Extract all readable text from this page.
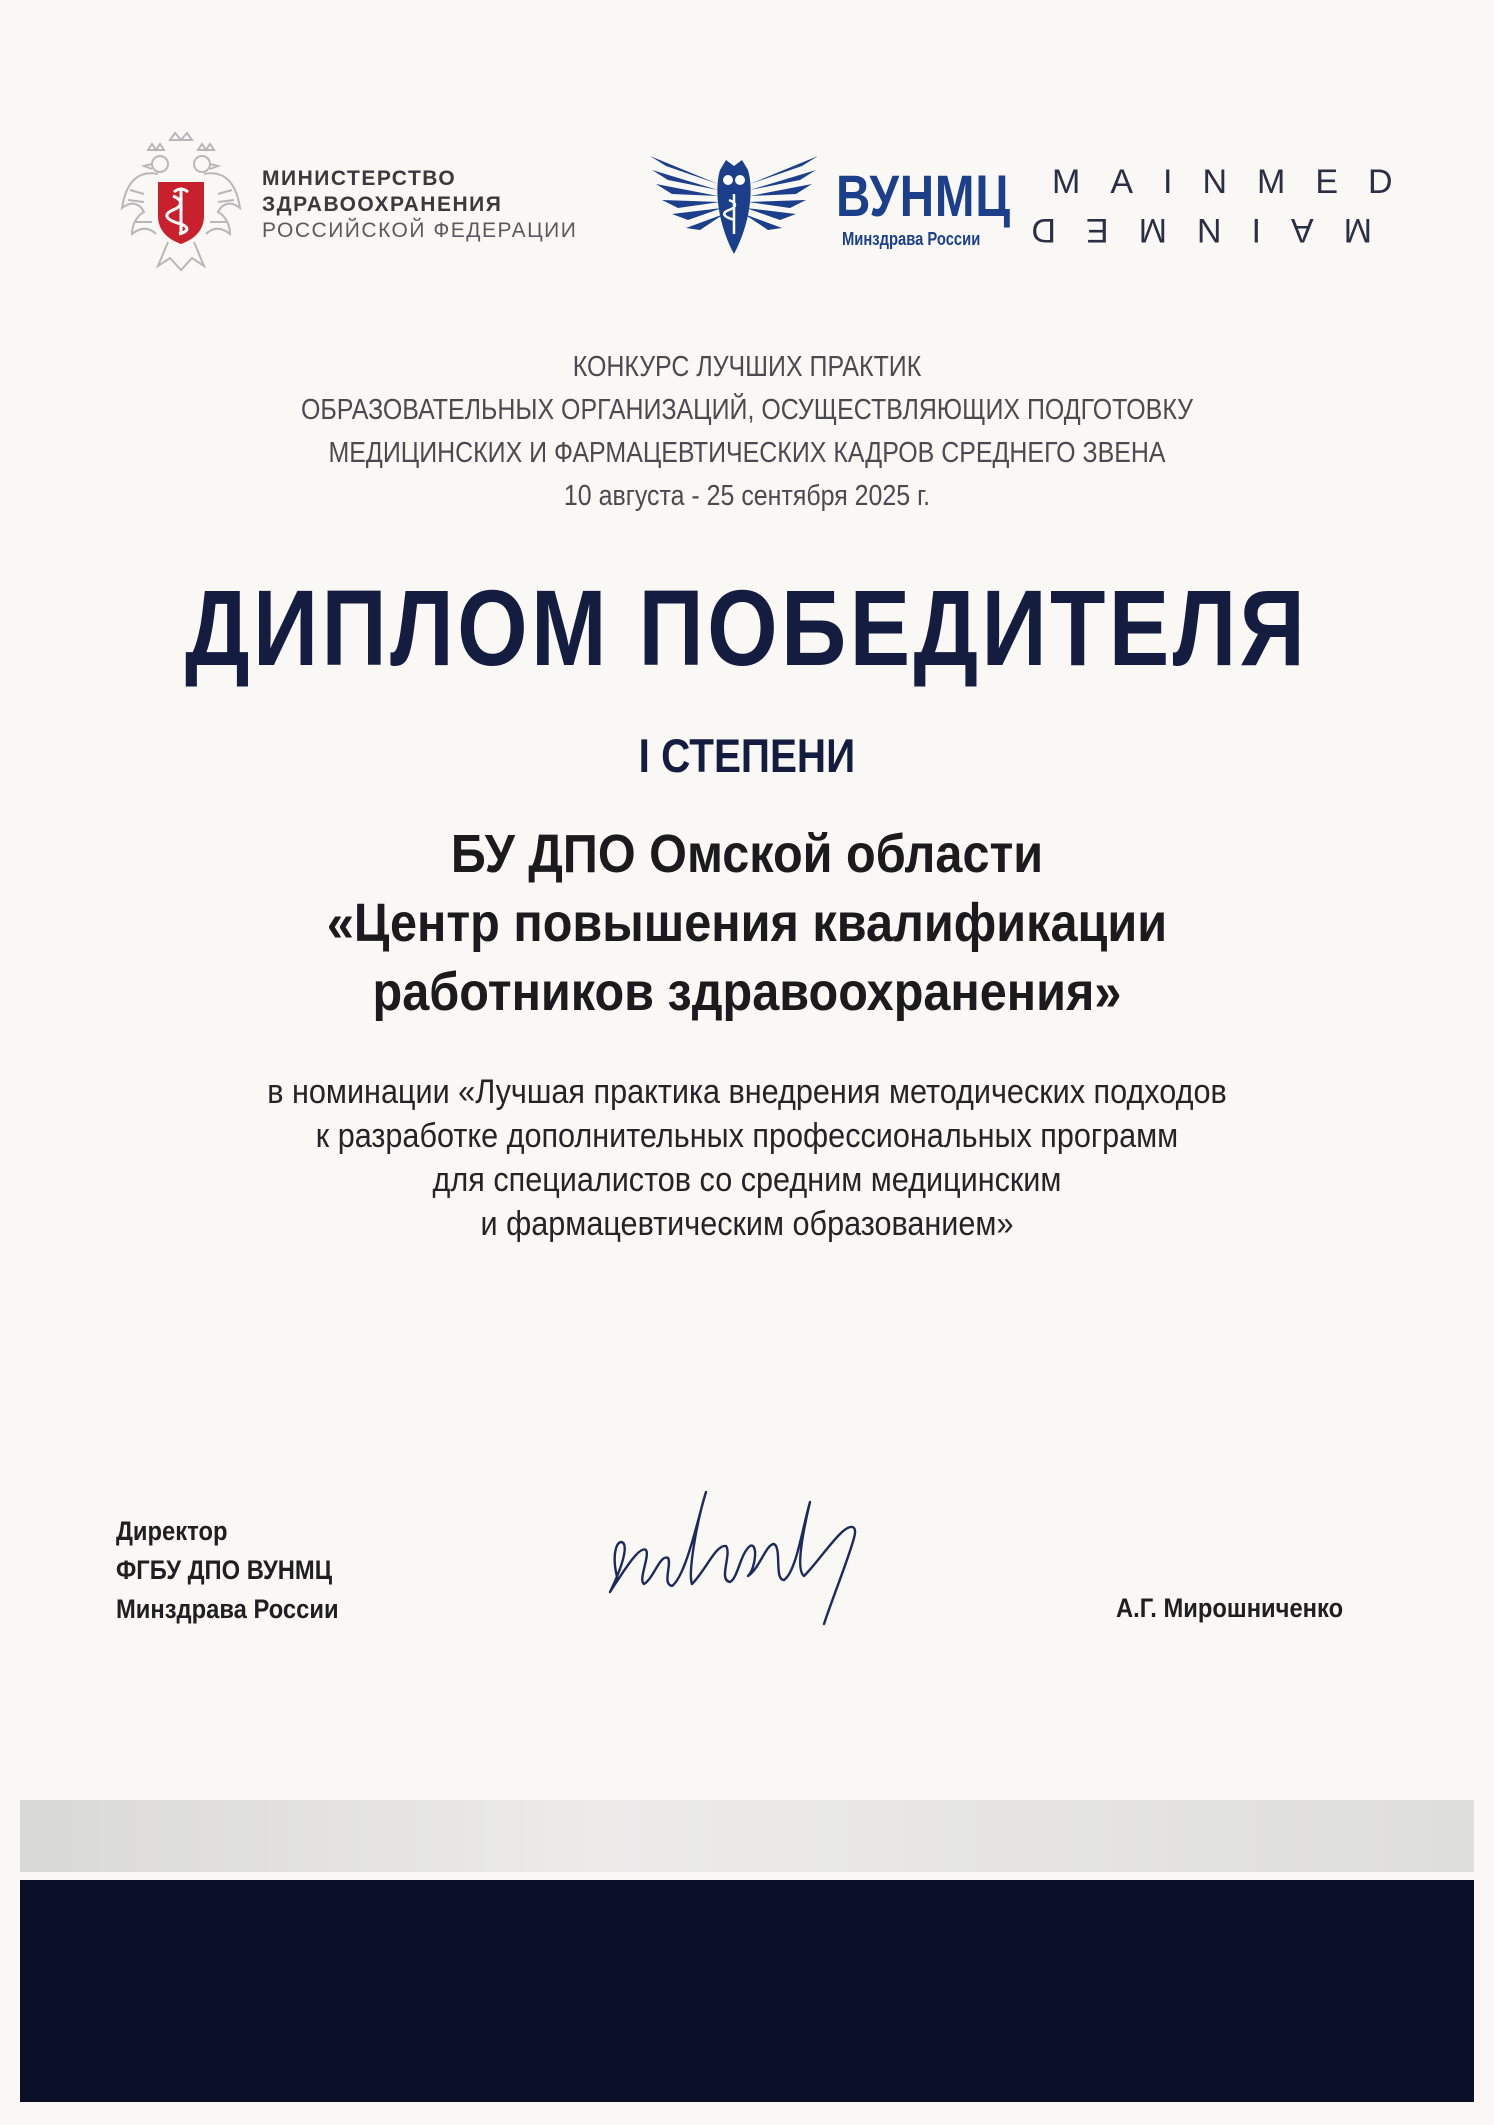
МИНИСТЕРСТВО
ЗДРАВООХРАНЕНИЯ
РОССИЙСКОЙ ФЕДЕРАЦИИ
ВУНМЦ
Минздрава России
MAINMED
MAINMED
КОНКУРС ЛУЧШИХ ПРАКТИК
ОБРАЗОВАТЕЛЬНЫХ ОРГАНИЗАЦИЙ, ОСУЩЕСТВЛЯЮЩИХ ПОДГОТОВКУ
МЕДИЦИНСКИХ И ФАРМАЦЕВТИЧЕСКИХ КАДРОВ СРЕДНЕГО ЗВЕНА
10 августа - 25 сентября 2025 г.
ДИПЛОМ ПОБЕДИТЕЛЯ
I СТЕПЕНИ
БУ ДПО Омской области
«Центр повышения квалификации
работников здравоохранения»
в номинации «Лучшая практика внедрения методических подходов
к разработке дополнительных профессиональных программ
для специалистов со средним медицинским
и фармацевтическим образованием»
Директор
ФГБУ ДПО ВУНМЦ
Минздрава России	А.Г. Мирошниченко
